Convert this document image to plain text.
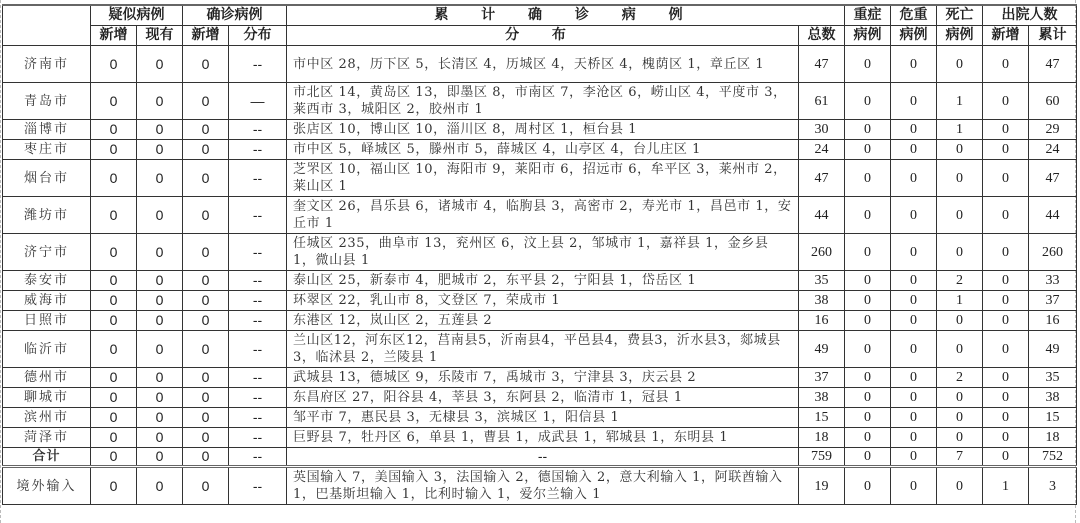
	疑似病例		确诊病例		累 计 确 诊 病 例		重症	危重	死亡	出院人数	
	新增	现有	新增	分布	分 布	总数	病例	病例	病例	新增	累计
济南市	0	0	0	--	市中区 28，历下区 5，长清区 4，历城区 4，天桥区 4，槐荫区 1，章丘区 1	47	0	0	0	0	47
青岛市	0	0	0	—	市北区 14，黄岛区 13，即墨区 8，市南区 7，李沧区 6，崂山区 4，平度市 3，莱西市 3，城阳区 2，胶州市 1	61	0	0	1	0	60
淄博市	0	0	0	--	张店区 10，博山区 10，淄川区 8，周村区 1，桓台县 1	30	0	0	1	0	29
枣庄市	0	0	0	--	市中区 5，峄城区 5，滕州市 5，薛城区 4，山亭区 4，台儿庄区 1	24	0	0	0	0	24
烟台市	0	0	0	--	芝罘区 10，福山区 10，海阳市 9，莱阳市 6，招远市 6，牟平区 3，莱州市 2，莱山区 1	47	0	0	0	0	47
潍坊市	0	0	0	--	奎文区 26，昌乐县 6，诸城市 4，临朐县 3，高密市 2，寿光市 1，昌邑市 1，安丘市 1	44	0	0	0	0	44
济宁市	0	0	0	--	任城区 235，曲阜市 13，兖州区 6，汶上县 2，邹城市 1，嘉祥县 1，金乡县 1，微山县 1	260	0	0	0	0	260
泰安市	0	0	0	--	泰山区 25，新泰市 4，肥城市 2，东平县 2，宁阳县 1，岱岳区 1	35	0	0	2	0	33
威海市	0	0	0	--	环翠区 22，乳山市 8，文登区 7，荣成市 1	38	0	0	1	0	37
日照市	0	0	0	--	东港区 12，岚山区 2，五莲县 2	16	0	0	0	0	16
临沂市	0	0	0	--	兰山区12，河东区12，莒南县5，沂南县4，平邑县4，费县3，沂水县3，郯城县 3，临沭县 2，兰陵县 1	49	0	0	0	0	49
德州市	0	0	0	--	武城县 13，德城区 9，乐陵市 7，禹城市 3，宁津县 3，庆云县 2	37	0	0	2	0	35
聊城市	0	0	0	--	东昌府区 27，阳谷县 4，莘县 3，东阿县 2，临清市 1，冠县 1	38	0	0	0	0	38
滨州市	0	0	0	--	邹平市 7，惠民县 3，无棣县 3，滨城区 1，阳信县 1	15	0	0	0	0	15
菏泽市	0	0	0	--	巨野县 7，牡丹区 6，单县 1，曹县 1，成武县 1，郓城县 1，东明县 1	18	0	0	0	0	18
合计	0	0	0	--	--	759	0	0	7	0	752
境外输入	0	0	0	--	英国输入 7，美国输入 3，法国输入 2，德国输入 2，意大利输入 1，阿联酋输入 1，巴基斯坦输入 1，比利时输入 1，爱尔兰输入 1	19	0	0	0	1	3
